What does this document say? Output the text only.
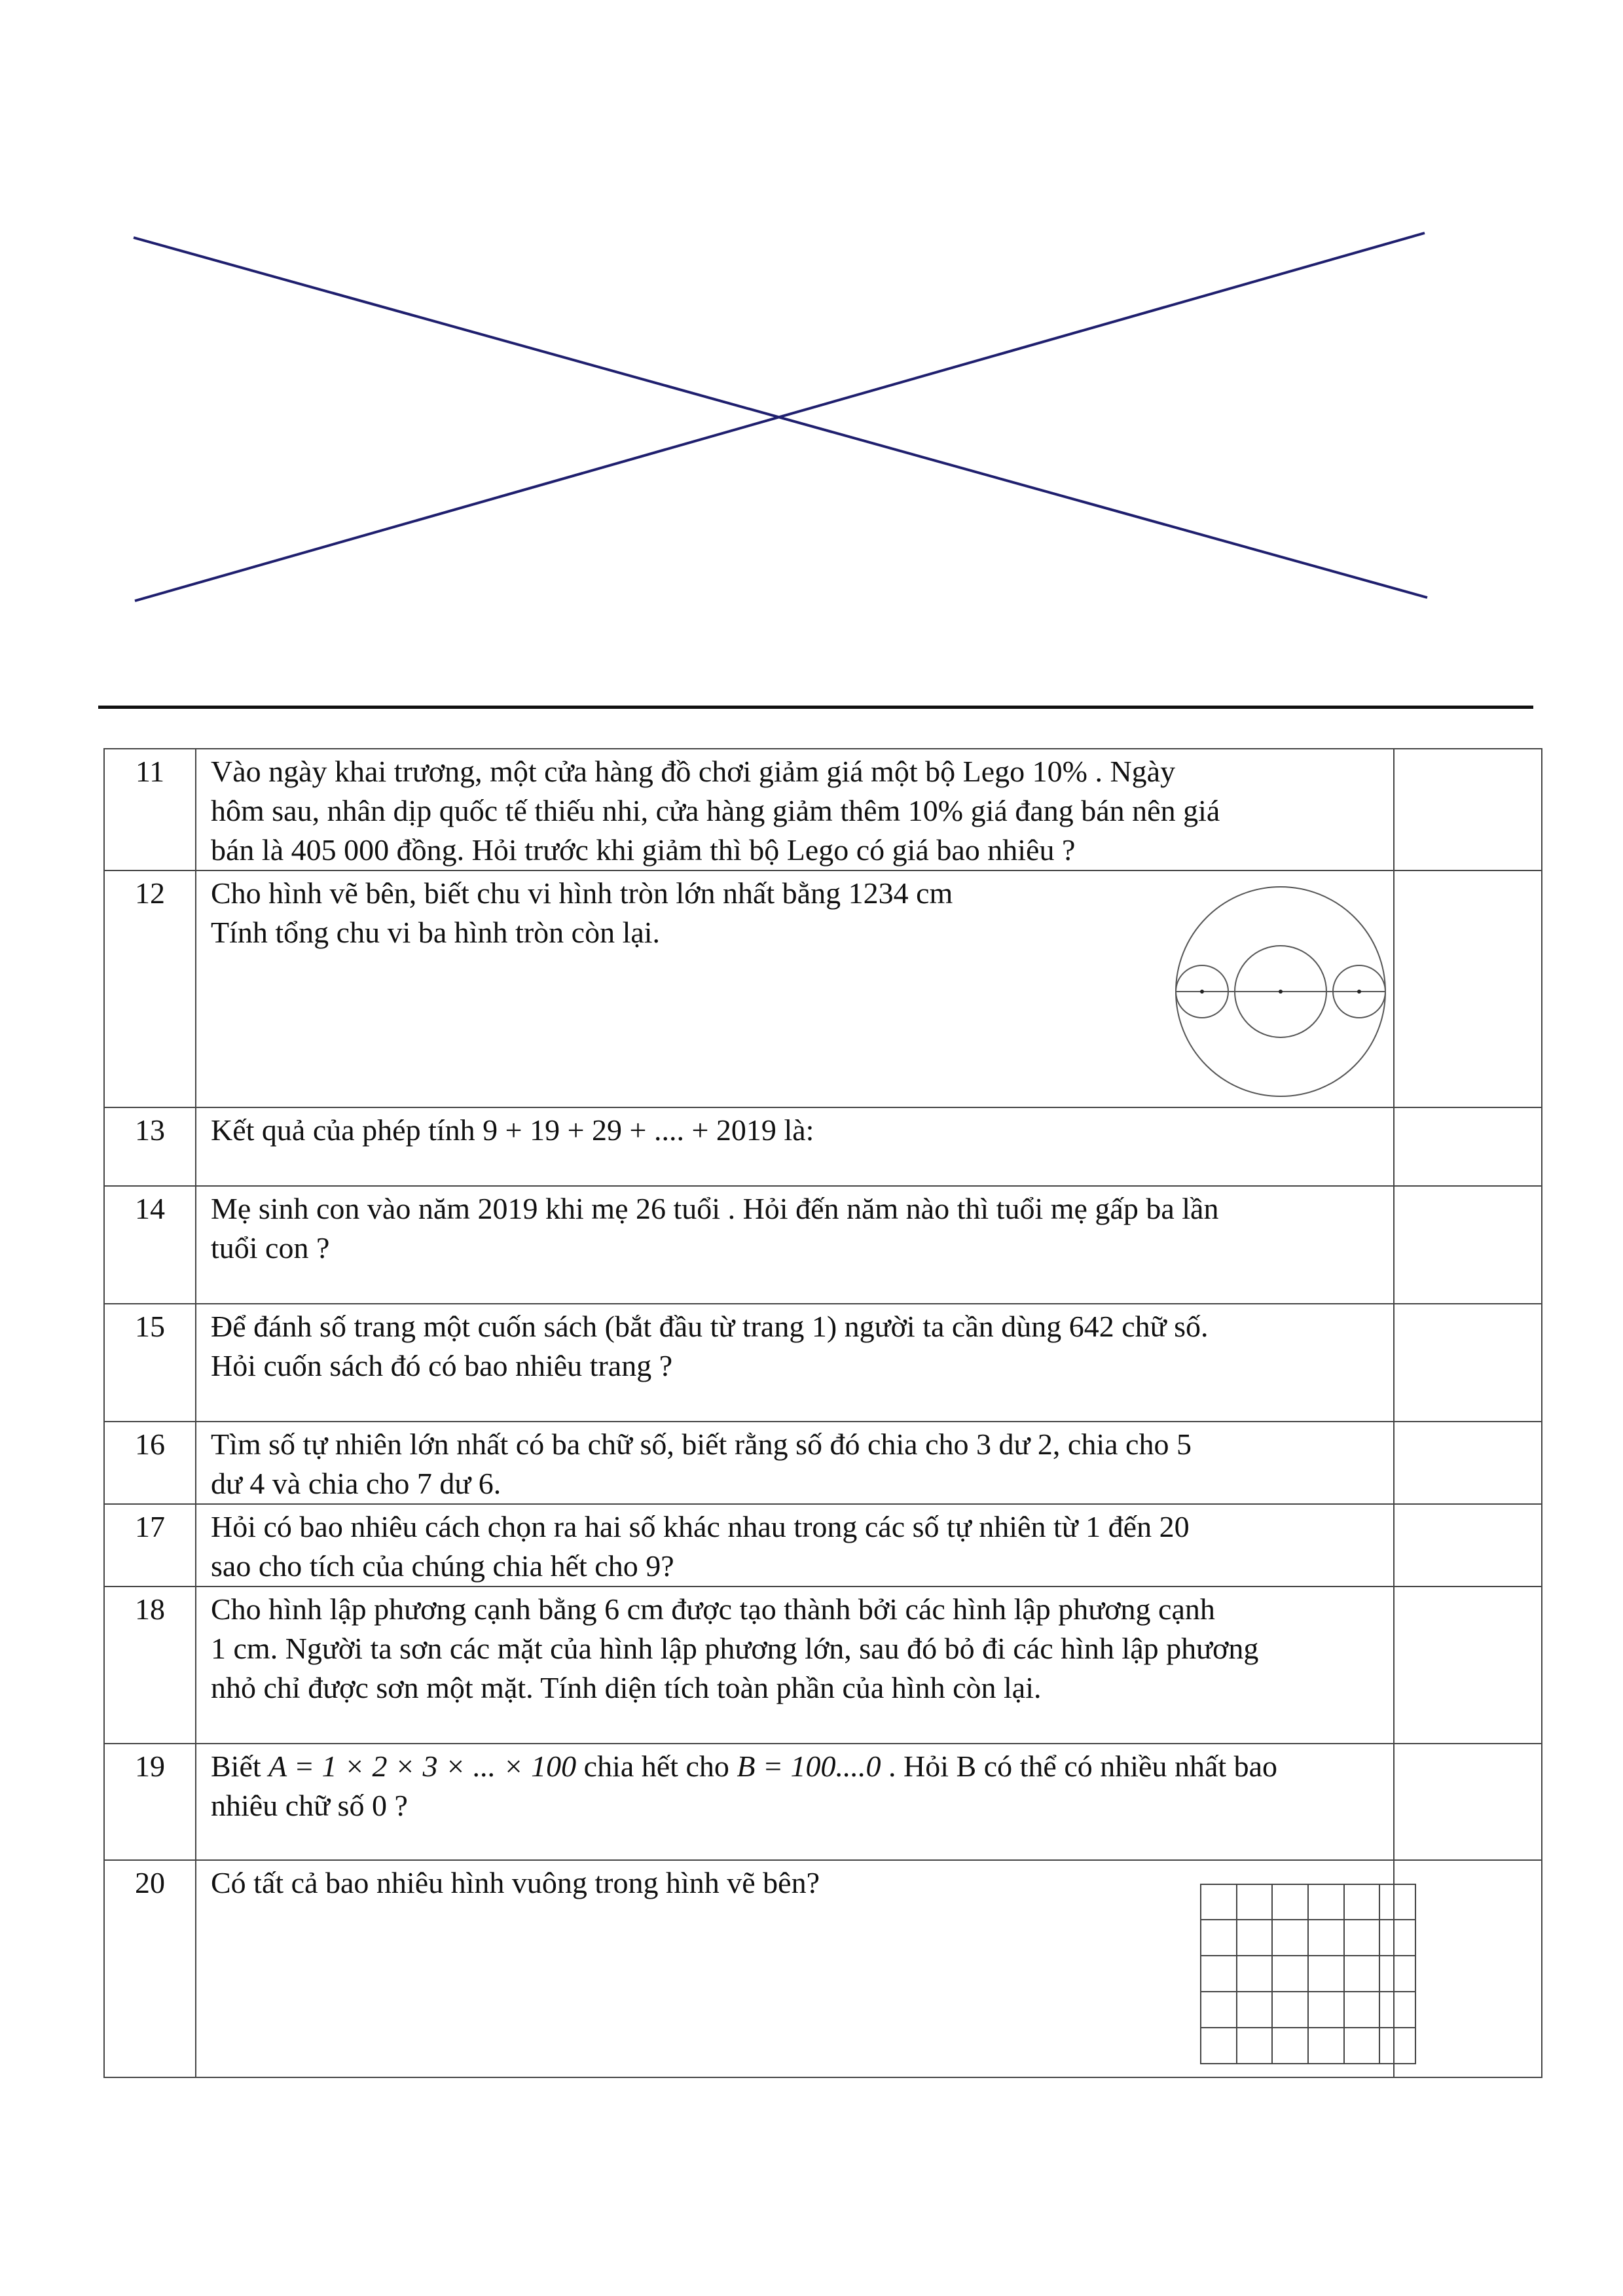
11	Vào ngày khai trương, một cửa hàng đồ chơi giảm giá một bộ Lego 10% . Ngày
hôm sau, nhân dịp quốc tế thiếu nhi, cửa hàng giảm thêm 10% giá đang bán nên giá
bán là 405 000 đồng. Hỏi trước khi giảm thì bộ Lego có giá bao nhiêu ?	

12	Cho hình vẽ bên, biết chu vi hình tròn lớn nhất bằng 1234 cm
Tính tổng chu vi ba hình tròn còn lại.	

13	Kết quả của phép tính 9 + 19 + 29 + .... + 2019 là:	
14	Mẹ sinh con vào năm 2019 khi mẹ 26 tuổi . Hỏi đến năm nào thì tuổi mẹ gấp ba lần
tuổi con ?	

15	Để đánh số trang một cuốn sách (bắt đầu từ trang 1) người ta cần dùng 642 chữ số.
Hỏi cuốn sách đó có bao nhiêu trang ?	

16	Tìm số tự nhiên lớn nhất có ba chữ số, biết rằng số đó chia cho 3 dư 2, chia cho 5
dư 4 và chia cho 7 dư 6.	

17	Hỏi có bao nhiêu cách chọn ra hai số khác nhau trong các số tự nhiên từ 1 đến 20
sao cho tích của chúng chia hết cho 9?	

18	Cho hình lập phương cạnh bằng 6 cm được tạo thành bởi các hình lập phương cạnh
1 cm. Người ta sơn các mặt của hình lập phương lớn, sau đó bỏ đi các hình lập phương
nhỏ chỉ được sơn một mặt. Tính diện tích toàn phần của hình còn lại.	

19	Biết A = 1 × 2 × 3 × ... × 100 chia hết cho B = 100....0 . Hỏi B có thể có nhiều nhất bao
nhiêu chữ số 0 ?	

20	Có tất cả bao nhiêu hình vuông trong hình vẽ bên?	
